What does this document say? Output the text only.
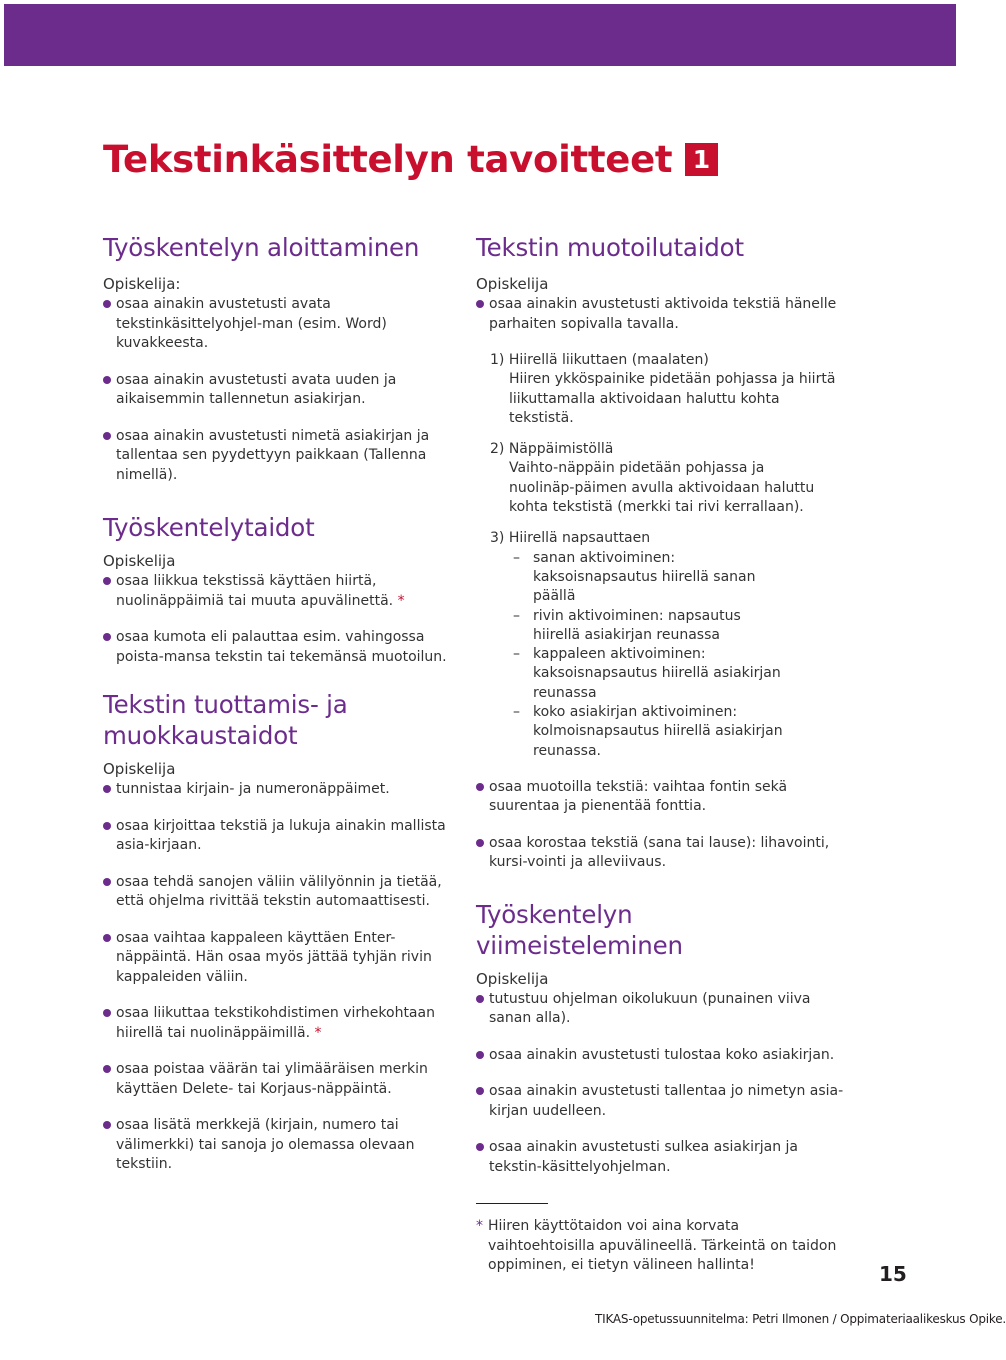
Tekstinkäsittelyn tavoitteet 1
Työskentelyn aloittaminen

Opiskelija:

osaa ainakin avustetusti avata tekstinkäsittelyohjel-man (esim. Word) kuvakkeesta.
osaa ainakin avustetusti avata uuden ja aikaisemmin tallennetun asiakirjan.
osaa ainakin avustetusti nimetä asiakirjan ja tallentaa sen pyydettyyn paikkaan (Tallenna nimellä).
Työskentelytaidot

Opiskelija

osaa liikkua tekstissä käyttäen hiirtä, nuolinäppäimiä tai muuta apuvälinettä. *
osaa kumota eli palauttaa esim. vahingossa poista-mansa tekstin tai tekemänsä muotoilun.
Tekstin tuottamis- ja muokkaustaidot

Opiskelija

tunnistaa kirjain- ja numeronäppäimet.
osaa kirjoittaa tekstiä ja lukuja ainakin mallista asia-kirjaan.
osaa tehdä sanojen väliin välilyönnin ja tietää, että ohjelma rivittää tekstin automaattisesti.
osaa vaihtaa kappaleen käyttäen Enter-näppäintä. Hän osaa myös jättää tyhjän rivin kappaleiden väliin.
osaa liikuttaa tekstikohdistimen virhekohtaan hiirellä tai nuolinäppäimillä. *
osaa poistaa väärän tai ylimääräisen merkin käyttäen Delete- tai Korjaus-näppäintä.
osaa lisätä merkkejä (kirjain, numero tai välimerkki) tai sanoja jo olemassa olevaan tekstiin.
Tekstin muotoilutaidot

Opiskelija

osaa ainakin avustetusti aktivoida tekstiä hänelle parhaiten sopivalla tavalla.
1) Hiirellä liikuttaen (maalaten)
Hiiren ykköspainike pidetään pohjassa ja hiirtä liikuttamalla aktivoidaan haluttu kohta tekstistä.
2) Näppäimistöllä
Vaihto-näppäin pidetään pohjassa ja nuolinäp-päimen avulla aktivoidaan haluttu kohta tekstistä (merkki tai rivi kerrallaan).
3) Hiirellä napsauttaen
– sanan aktivoiminen: kaksoisnapsautus hiirellä sanan päällä
– rivin aktivoiminen: napsautus hiirellä asiakirjan reunassa
– kappaleen aktivoiminen: kaksoisnapsautus hiirellä asiakirjan reunassa
– koko asiakirjan aktivoiminen: kolmoisnapsautus hiirellä asiakirjan reunassa.
osaa muotoilla tekstiä: vaihtaa fontin sekä suurentaa ja pienentää fonttia.
osaa korostaa tekstiä (sana tai lause): lihavointi, kursi-vointi ja alleviivaus.
Työskentelyn viimeisteleminen

Opiskelija

tutustuu ohjelman oikolukuun (punainen viiva sanan alla).
osaa ainakin avustetusti tulostaa koko asiakirjan.
osaa ainakin avustetusti tallentaa jo nimetyn asia-kirjan uudelleen.
osaa ainakin avustetusti sulkea asiakirjan ja tekstin-käsittelyohjelman.

* Hiiren käyttötaidon voi aina korvata vaihtoehtoisilla apuvälineellä. Tärkeintä on taidon oppiminen, ei tietyn välineen hallinta!	15
TIKAS-opetussuunnitelma: Petri Ilmonen / Oppimateriaalikeskus Opike.
